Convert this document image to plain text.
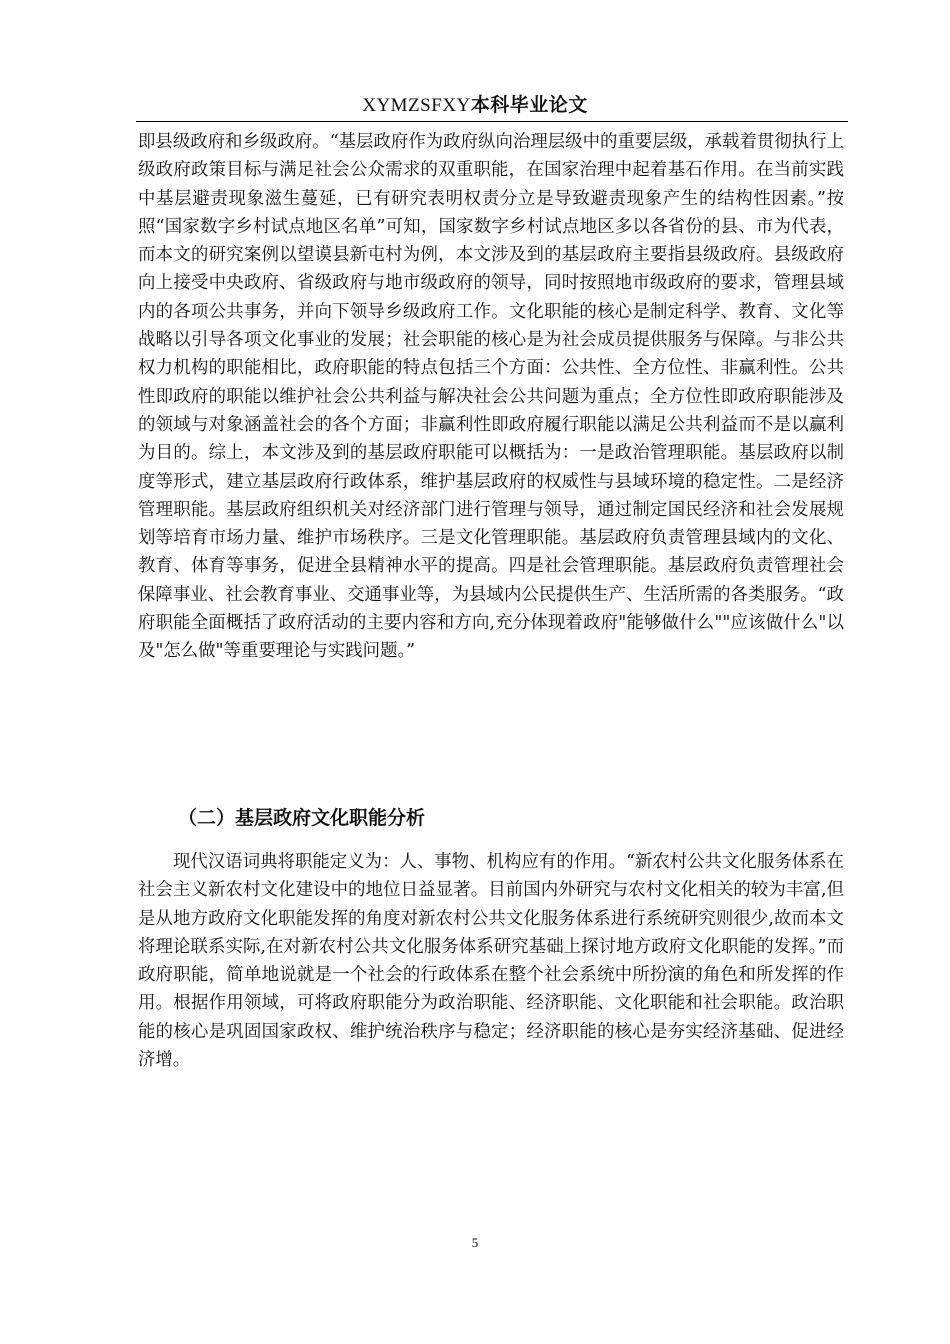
XYMZSFXY本科毕业论文

即县级政府和乡级政府。“基层政府作为政府纵向治理层级中的重要层级，承载着贯彻执行上级政府政策目标与满足社会公众需求的双重职能，在国家治理中起着基石作用。在当前实践中基层避责现象滋生蔓延，已有研究表明权责分立是导致避责现象产生的结构性因素。”按照“国家数字乡村试点地区名单”可知，国家数字乡村试点地区多以各省份的县、市为代表，而本文的研究案例以望谟县新屯村为例，本文涉及到的基层政府主要指县级政府。县级政府向上接受中央政府、省级政府与地市级政府的领导，同时按照地市级政府的要求，管理县域内的各项公共事务，并向下领导乡级政府工作。文化职能的核心是制定科学、教育、文化等战略以引导各项文化事业的发展；社会职能的核心是为社会成员提供服务与保障。与非公共权力机构的职能相比，政府职能的特点包括三个方面：公共性、全方位性、非赢利性。公共性即政府的职能以维护社会公共利益与解决社会公共问题为重点；全方位性即政府职能涉及的领域与对象涵盖社会的各个方面；非赢利性即政府履行职能以满足公共利益而不是以赢利为目的。综上，本文涉及到的基层政府职能可以概括为：一是政治管理职能。基层政府以制度等形式，建立基层政府行政体系，维护基层政府的权威性与县域环境的稳定性。二是经济管理职能。基层政府组织机关对经济部门进行管理与领导，通过制定国民经济和社会发展规划等培育市场力量、维护市场秩序。三是文化管理职能。基层政府负责管理县域内的文化、教育、体育等事务，促进全县精神水平的提高。四是社会管理职能。基层政府负责管理社会保障事业、社会教育事业、交通事业等，为县域内公民提供生产、生活所需的各类服务。“政府职能全面概括了政府活动的主要内容和方向,充分体现着政府"能够做什么""应该做什么"以及"怎么做"等重要理论与实践问题。”

（二）基层政府文化职能分析

现代汉语词典将职能定义为：人、事物、机构应有的作用。“新农村公共文化服务体系在社会主义新农村文化建设中的地位日益显著。目前国内外研究与农村文化相关的较为丰富,但是从地方政府文化职能发挥的角度对新农村公共文化服务体系进行系统研究则很少,故而本文将理论联系实际,在对新农村公共文化服务体系研究基础上探讨地方政府文化职能的发挥。”而政府职能，简单地说就是一个社会的行政体系在整个社会系统中所扮演的角色和所发挥的作用。根据作用领域，可将政府职能分为政治职能、经济职能、文化职能和社会职能。政治职能的核心是巩固国家政权、维护统治秩序与稳定；经济职能的核心是夯实经济基础、促进经济增。

5
